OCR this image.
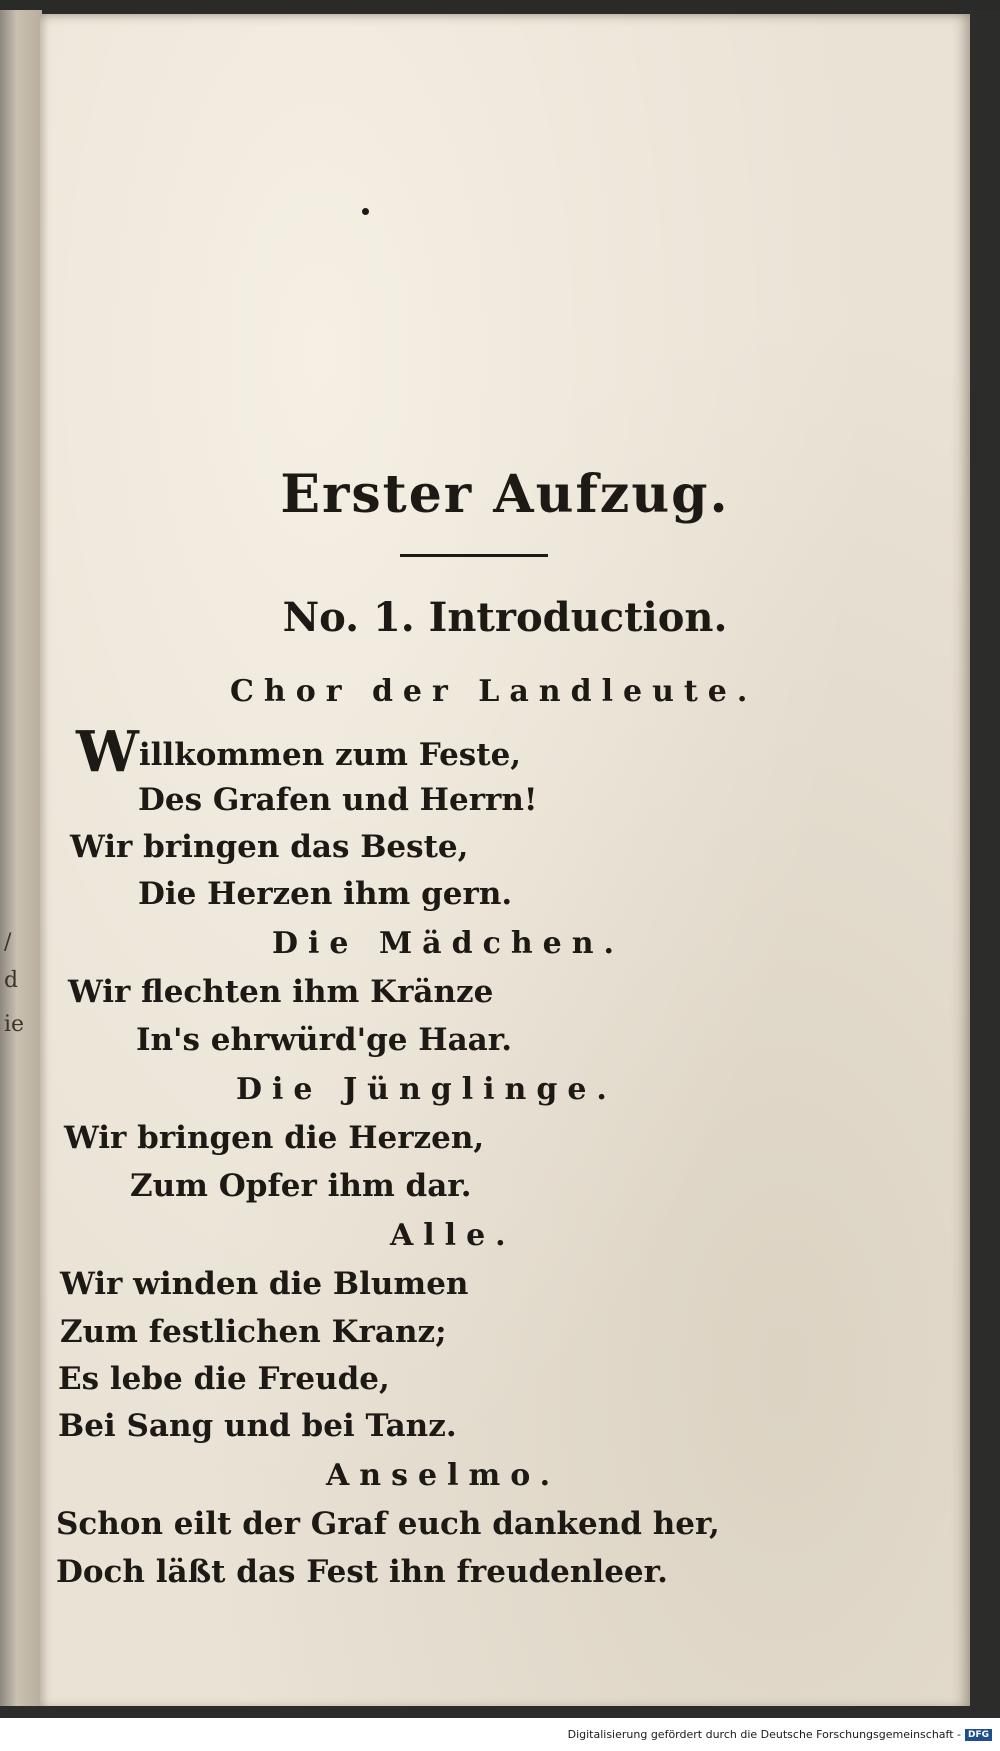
/
d
ie
Erster Aufzug.
No. 1. Introduction.
Chor der Landleute.
Willkommen zum Feste,
Des Grafen und Herrn!
Wir bringen das Beste,
Die Herzen ihm gern.
Die Mädchen.
Wir flechten ihm Kränze
In's ehrwürd'ge Haar.
Die Jünglinge.
Wir bringen die Herzen,
Zum Opfer ihm dar.
Alle.
Wir winden die Blumen
Zum festlichen Kranz;
Es lebe die Freude,
Bei Sang und bei Tanz.
Anselmo.
Schon eilt der Graf euch dankend her,
Doch läßt das Fest ihn freudenleer.
Digitalisierung gefördert durch die Deutsche Forschungsgemeinschaft - DFG
